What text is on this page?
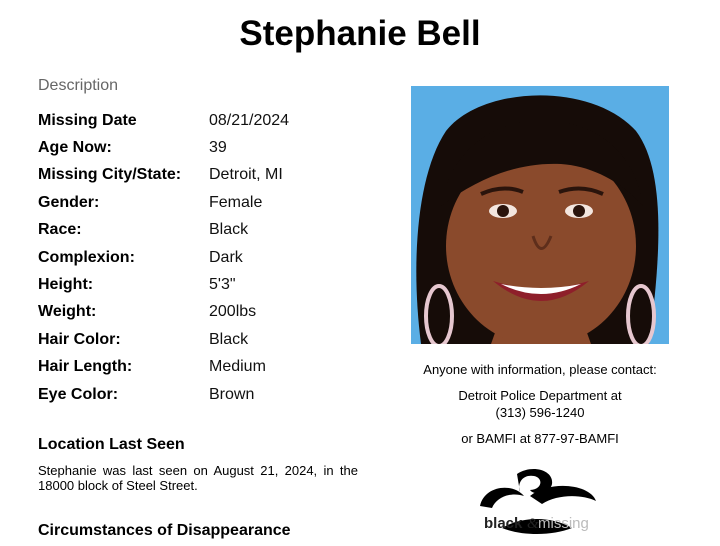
Stephanie Bell
Description
Missing Date	08/21/2024
Age Now:	39
Missing City/State:	Detroit, MI
Gender:	Female
Race:	Black
Complexion:	Dark
Height:	5'3"
Weight:	200lbs
Hair Color:	Black
Hair Length:	Medium
Eye Color:	Brown
Location Last Seen
Stephanie was last seen on August 21, 2024, in the 18000 block of Steel Street.
Circumstances of Disappearance
Anyone with information, please contact:
Detroit Police Department at
(313) 596-1240
or BAMFI at 877-97-BAMFI
black & missing
